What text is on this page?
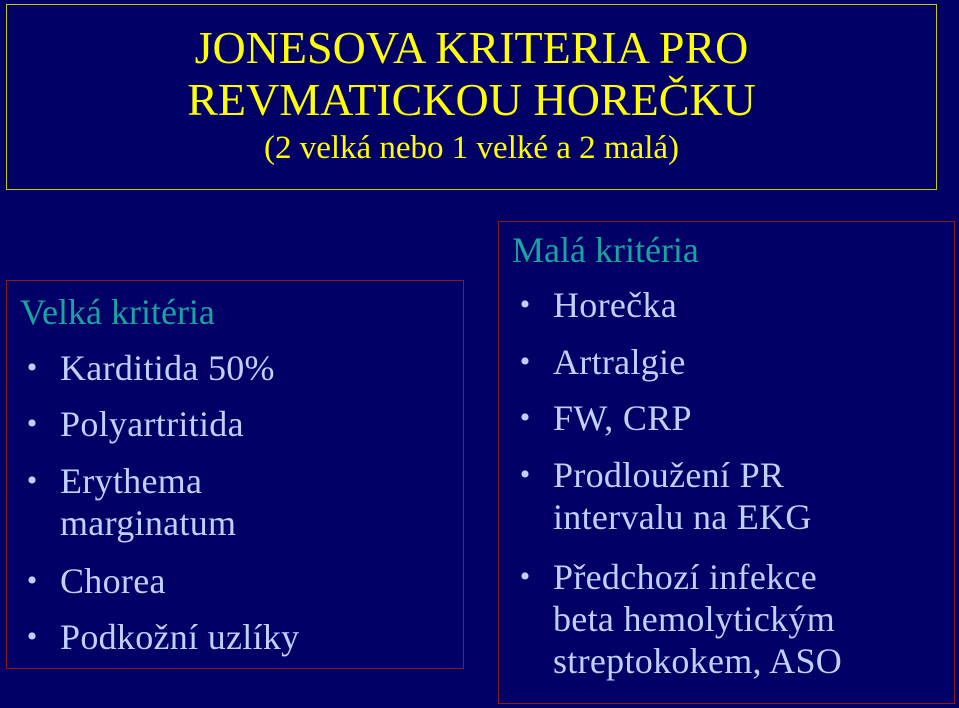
JONESOVA KRITERIA PRO
REVMATICKOU HOREČKU
(2 velká nebo 1 velké a 2 malá)
Velká kritéria
• Karditida 50%
• Polyartritida
• Erythema
marginatum
• Chorea
• Podkožní uzlíky
Malá kritéria
• Horečka
• Artralgie
• FW, CRP
• Prodloužení PR
intervalu na EKG
• Předchozí infekce
beta hemolytickým
streptokokem, ASO
